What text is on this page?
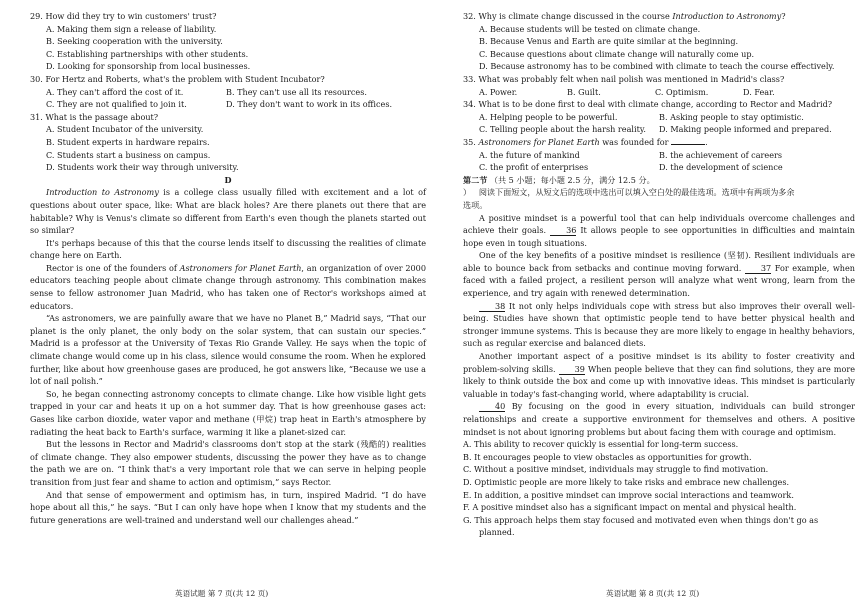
29. How did they try to win customers' trust?
A. Making them sign a release of liability.
B. Seeking cooperation with the university.
C. Establishing partnerships with other students.
D. Looking for sponsorship from local businesses.
30. For Hertz and Roberts, what's the problem with Student Incubator?
A. They can't afford the cost of it.	B. They can't use all its resources.
C. They are not qualified to join it.	D. They don't want to work in its offices.
31. What is the passage about?
A. Student Incubator of the university.
B. Student experts in hardware repairs.
C. Students start a business on campus.
D. Students work their way through university.
D

Introduction to Astronomy is a college class usually filled with excitement and a lot of questions about outer space, like: What are black holes? Are there planets out there that are habitable? Why is Venus's climate so different from Earth's even though the planets started out so similar?

It's perhaps because of this that the course lends itself to discussing the realities of climate change here on Earth.

Rector is one of the founders of Astronomers for Planet Earth, an organization of over 2000 educators teaching people about climate change through astronomy. This combination makes sense to fellow astronomer Juan Madrid, who has taken one of Rector's workshops aimed at educators.

“As astronomers, we are painfully aware that we have no Planet B,” Madrid says, “That our planet is the only planet, the only body on the solar system, that can sustain our species.” Madrid is a professor at the University of Texas Rio Grande Valley. He says when the topic of climate change would come up in his class, silence would consume the room. When he explored further, like about how greenhouse gases are produced, he got answers like, “Because we use a lot of nail polish.”

So, he began connecting astronomy concepts to climate change. Like how visible light gets trapped in your car and heats it up on a hot summer day. That is how greenhouse gases act: Gases like carbon dioxide, water vapor and methane (甲烷) trap heat in Earth's atmosphere by radiating the heat back to Earth's surface, warming it like a planet-sized car.

But the lessons in Rector and Madrid's classrooms don't stop at the stark (残酷的) realities of climate change. They also empower students, discussing the power they have as to change the path we are on. “I think that's a very important role that we can serve in helping people transition from just fear and shame to action and optimism,” says Rector.

And that sense of empowerment and optimism has, in turn, inspired Madrid. “I do have hope about all this,” he says. “But I can only have hope when I know that my students and the future generations are well-trained and understand well our challenges ahead.”

32. Why is climate change discussed in the course Introduction to Astronomy?
A. Because students will be tested on climate change.
B. Because Venus and Earth are quite similar at the beginning.
C. Because questions about climate change will naturally come up.
D. Because astronomy has to be combined with climate to teach the course effectively.
33. What was probably felt when nail polish was mentioned in Madrid's class?
A. Power.	B. Guilt.	C. Optimism.	D. Fear.
34. What is to be done first to deal with climate change, according to Rector and Madrid?
A. Helping people to be powerful.	B. Asking people to stay optimistic.
C. Telling people about the harsh reality.	D. Making people informed and prepared.
35. Astronomers for Planet Earth was founded for	.
A. the future of mankind	B. the achievement of careers
C. the profit of enterprises	D. the development of science
第二节 （共 5 小题；每小题 2.5 分，满分 12.5 分。
） 阅读下面短文，从短文后的选项中选出可以填入空白处的最佳选项。选项中有两项为多余
选项。

A positive mindset is a powerful tool that can help individuals overcome challenges and achieve their goals. 36 It allows people to see opportunities in difficulties and maintain hope even in tough situations.

One of the key benefits of a positive mindset is resilience (坚韧). Resilient individuals are able to bounce back from setbacks and continue moving forward. 37 For example, when faced with a failed project, a resilient person will analyze what went wrong, learn from the experience, and try again with renewed determination.

38 It not only helps individuals cope with stress but also improves their overall well-being. Studies have shown that optimistic people tend to have better physical health and stronger immune systems. This is because they are more likely to engage in healthy behaviors, such as regular exercise and balanced diets.

Another important aspect of a positive mindset is its ability to foster creativity and problem-solving skills. 39 When people believe that they can find solutions, they are more likely to think outside the box and come up with innovative ideas. This mindset is particularly valuable in today's fast-changing world, where adaptability is crucial.

40 By focusing on the good in every situation, individuals can build stronger relationships and create a supportive environment for themselves and others. A positive mindset is not about ignoring problems but about facing them with courage and optimism.

A. This ability to recover quickly is essential for long-term success.
B. It encourages people to view obstacles as opportunities for growth.
C. Without a positive mindset, individuals may struggle to find motivation.
D. Optimistic people are more likely to take risks and embrace new challenges.
E. In addition, a positive mindset can improve social interactions and teamwork.
F. A positive mindset also has a significant impact on mental and physical health.
G. This approach helps them stay focused and motivated even when things don't go as
planned.
英语试题 第 7 页(共 12 页)	英语试题 第 8 页(共 12 页)
